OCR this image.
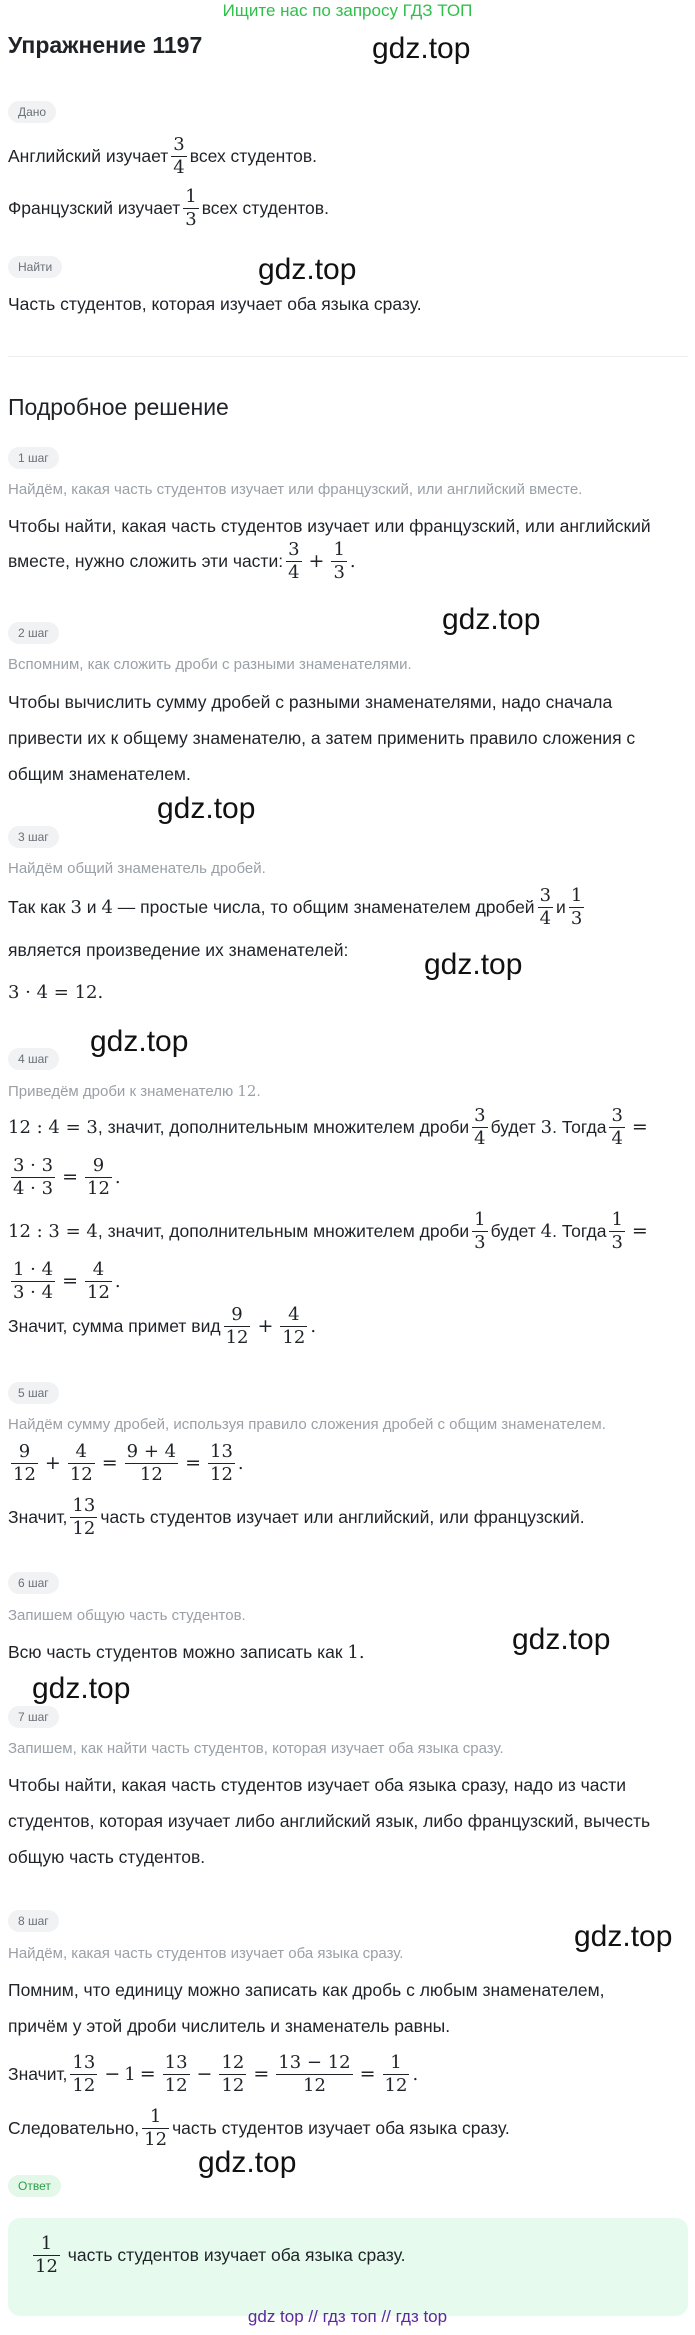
Ищите нас по запросу ГДЗ ТОП
Упражнение 1197	gdz.top
gdz.top
gdz.top
gdz.top
gdz.top
gdz.top
gdz.top
gdz.top
gdz.top
gdz.top
Дано
Английский изучает $\frac{3}{4}$ всех студентов.
Французский изучает $\frac{1}{3}$ всех студентов.
Найти
Часть студентов, которая изучает оба языка сразу.
Подробное решение
1 шаг
Найдём, какая часть студентов изучает или французский, или английский вместе.
Чтобы найти, какая часть студентов изучает или французский, или английский
вместе, нужно сложить эти части: $\frac{3}{4} + \frac{1}{3}$ .
2 шаг
Вспомним, как сложить дроби с разными знаменателями.
Чтобы вычислить сумму дробей с разными знаменателями, надо сначала
привести их к общему знаменателю, а затем применить правило сложения с
общим знаменателем.
3 шаг
Найдём общий знаменатель дробей.
Так как
3
и
4
— простые числа, то общим знаменателем дробей $\frac{3}{4}$ и $\frac{1}{3}$
является произведение их знаменателей:
3 · 4 = 12.
4 шаг
Приведём дроби к знаменателю 12.
12 : 4 = 3 , значит, дополнительным множителем дроби $\frac{3}{4}$ будет
3 . Тогда $\frac{3}{4}$ =
$\frac{3 \cdot 3}{4 \cdot 3} = \frac{9}{12}$ .
12 : 3 = 4 , значит, дополнительным множителем дроби $\frac{1}{3}$ будет
4 . Тогда $\frac{1}{3}$ =
$\frac{1 \cdot 4}{3 \cdot 4} = \frac{4}{12}$ .
Значит, сумма примет вид $\frac{9}{12} + \frac{4}{12}$ .
5 шаг
Найдём сумму дробей, используя правило сложения дробей с общим знаменателем.
$\frac{9}{12} + \frac{4}{12} = \frac{9 + 4}{12} = \frac{13}{12}$ .
Значит, $\frac{13}{12}$ часть студентов изучает или английский, или французский.
6 шаг
Запишем общую часть студентов.
Всю часть студентов можно записать как 1.
7 шаг
Запишем, как найти часть студентов, которая изучает оба языка сразу.
Чтобы найти, какая часть студентов изучает оба языка сразу, надо из части
студентов, которая изучает либо английский язык, либо французский, вычесть
общую часть студентов.
8 шаг
Найдём, какая часть студентов изучает оба языка сразу.
Помним, что единицу можно записать как дробь с любым знаменателем,
причём у этой дроби числитель и знаменатель равны.
Значит, $\frac{13}{12} - 1 = \frac{13}{12} - \frac{12}{12} = \frac{13 - 12}{12} = \frac{1}{12}$ .
Следовательно, $\frac{1}{12}$ часть студентов изучает оба языка сразу.
Ответ
$\frac{1}{12}$
часть студентов изучает оба языка сразу.
gdz top // гдз топ // гдз top
